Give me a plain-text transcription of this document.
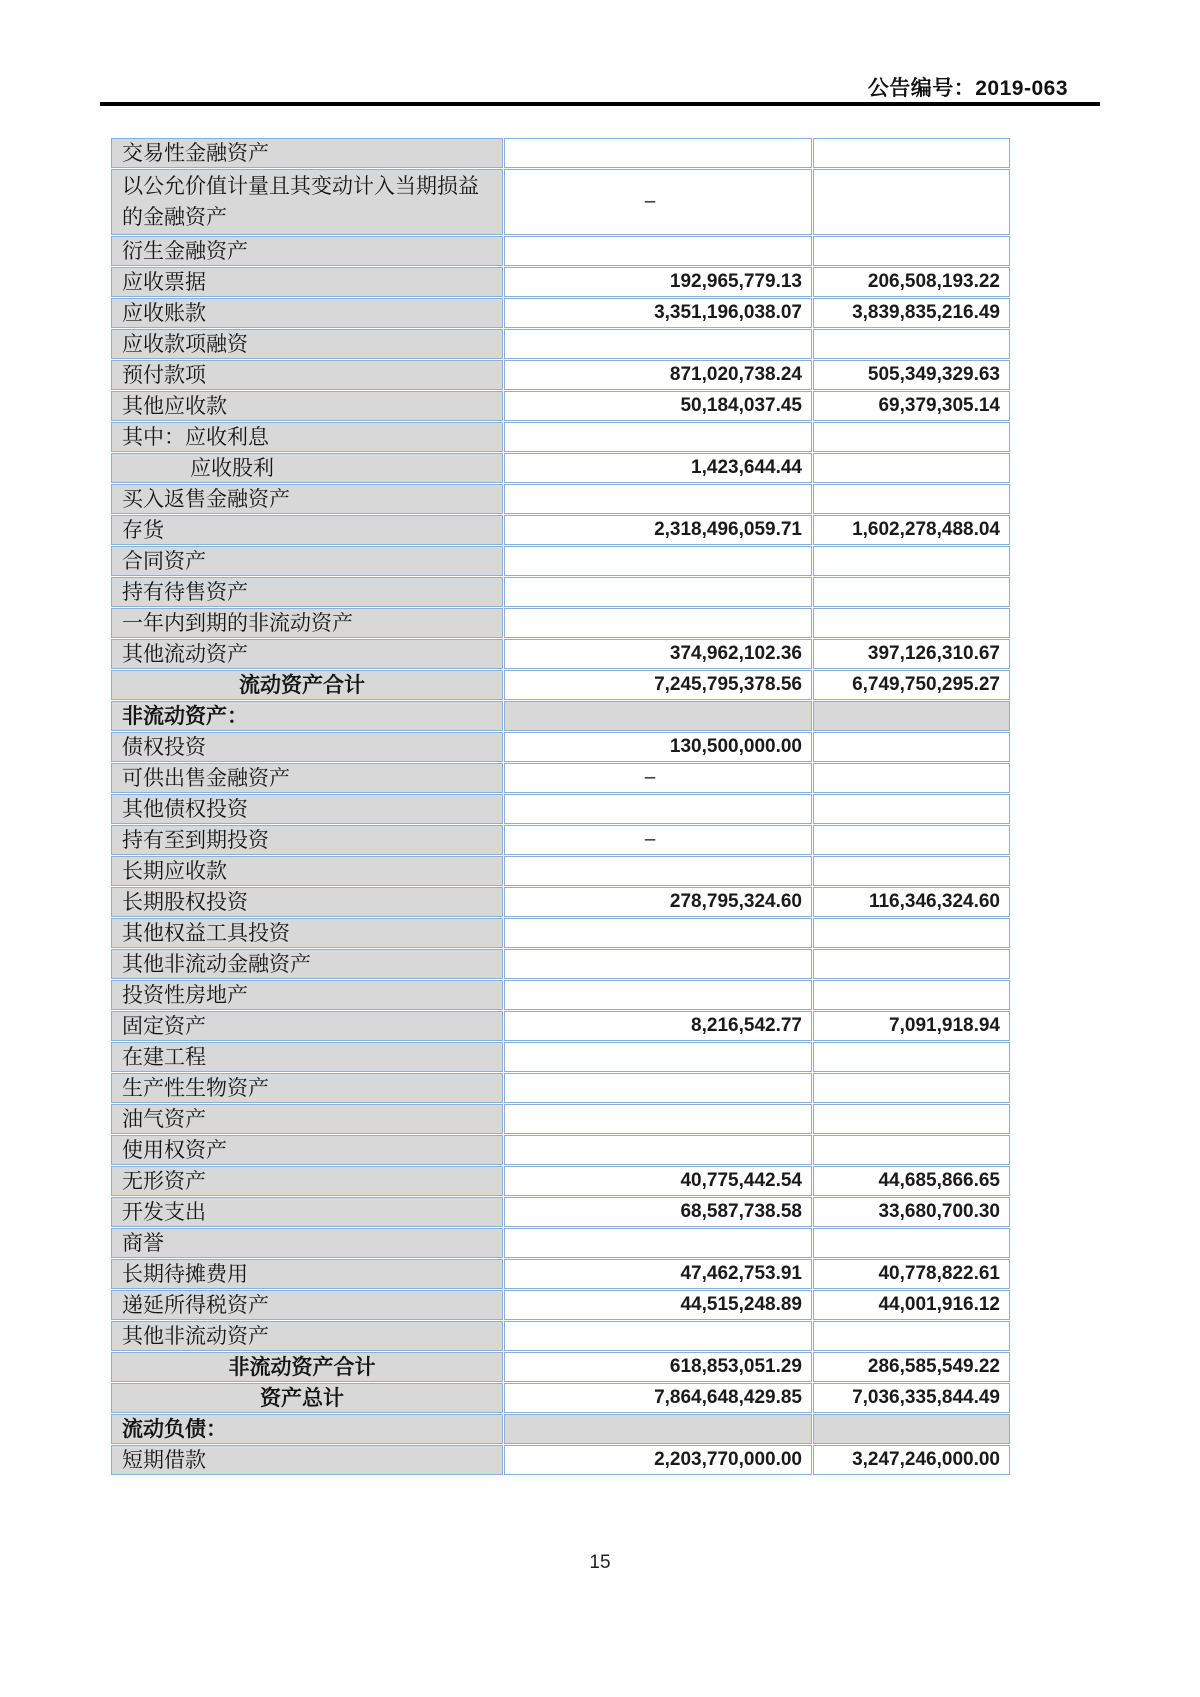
公告编号：2019-063
交易性金融资产		
以公允价值计量且其变动计入当期损益的金融资产	–	
衍生金融资产		
应收票据	192,965,779.13	206,508,193.22
应收账款	3,351,196,038.07	3,839,835,216.49
应收款项融资		
预付款项	871,020,738.24	505,349,329.63
其他应收款	50,184,037.45	69,379,305.14
其中：应收利息		
应收股利	1,423,644.44	
买入返售金融资产		
存货	2,318,496,059.71	1,602,278,488.04
合同资产		
持有待售资产		
一年内到期的非流动资产		
其他流动资产	374,962,102.36	397,126,310.67
流动资产合计	7,245,795,378.56	6,749,750,295.27
非流动资产：		
债权投资	130,500,000.00	
可供出售金融资产	–	
其他债权投资		
持有至到期投资	–	
长期应收款		
长期股权投资	278,795,324.60	116,346,324.60
其他权益工具投资		
其他非流动金融资产		
投资性房地产		
固定资产	8,216,542.77	7,091,918.94
在建工程		
生产性生物资产		
油气资产		
使用权资产		
无形资产	40,775,442.54	44,685,866.65
开发支出	68,587,738.58	33,680,700.30
商誉		
长期待摊费用	47,462,753.91	40,778,822.61
递延所得税资产	44,515,248.89	44,001,916.12
其他非流动资产		
非流动资产合计	618,853,051.29	286,585,549.22
资产总计	7,864,648,429.85	7,036,335,844.49
流动负债：		
短期借款	2,203,770,000.00	3,247,246,000.00
15
